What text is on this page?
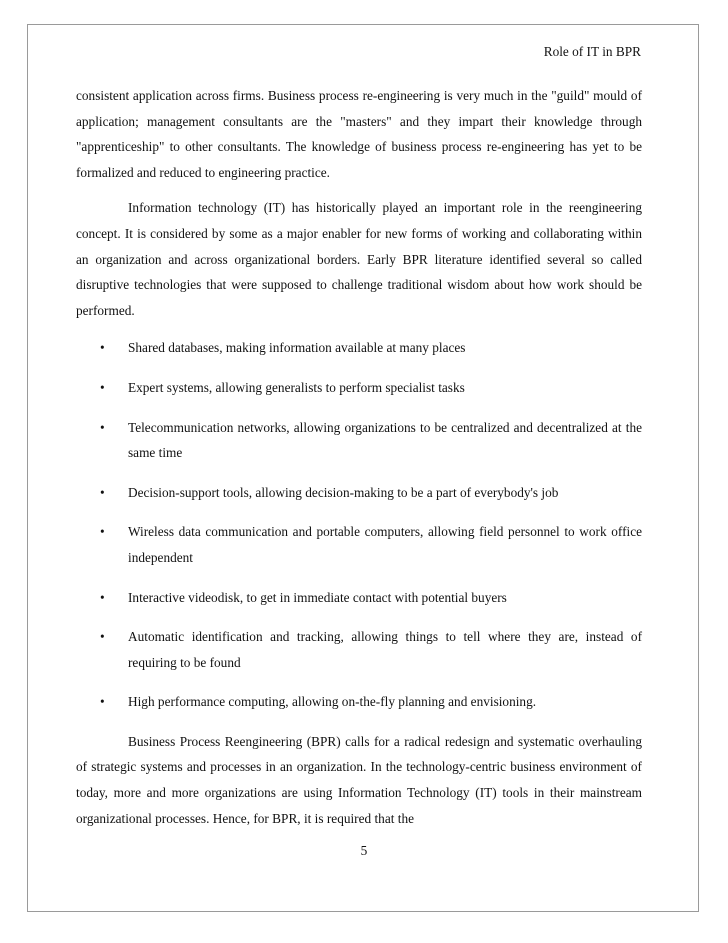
Role of IT in BPR

consistent application across firms. Business process re-engineering is very much in the "guild" mould of application; management consultants are the "masters" and they impart their knowledge through "apprenticeship" to other consultants. The knowledge of business process re-engineering has yet to be formalized and reduced to engineering practice.

Information technology (IT) has historically played an important role in the reengineering concept. It is considered by some as a major enabler for new forms of working and collaborating within an organization and across organizational borders. Early BPR literature identified several so called disruptive technologies that were supposed to challenge traditional wisdom about how work should be performed.

• Shared databases, making information available at many places
• Expert systems, allowing generalists to perform specialist tasks
• Telecommunication networks, allowing organizations to be centralized and decentralized at the same time
• Decision-support tools, allowing decision-making to be a part of everybody's job
• Wireless data communication and portable computers, allowing field personnel to work office independent
• Interactive videodisk, to get in immediate contact with potential buyers
• Automatic identification and tracking, allowing things to tell where they are, instead of requiring to be found
• High performance computing, allowing on-the-fly planning and envisioning.

Business Process Reengineering (BPR) calls for a radical redesign and systematic overhauling of strategic systems and processes in an organization. In the technology-centric business environment of today, more and more organizations are using Information Technology (IT) tools in their mainstream organizational processes. Hence, for BPR, it is required that the

5
